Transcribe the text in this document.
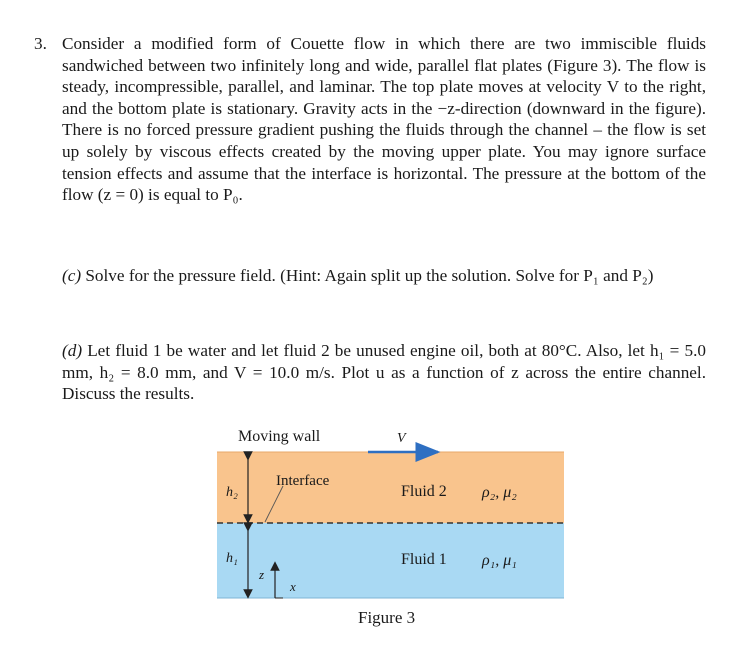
3. Consider a modified form of Couette flow in which there are two immiscible fluids sandwiched between two infinitely long and wide, parallel flat plates (Figure 3). The flow is steady, incompressible, parallel, and laminar. The top plate moves at velocity V to the right, and the bottom plate is stationary. Gravity acts in the −z-direction (downward in the figure). There is no forced pressure gradient pushing the fluids through the channel – the flow is set up solely by viscous effects created by the moving upper plate. You may ignore surface tension effects and assume that the interface is horizontal. The pressure at the bottom of the flow (z = 0) is equal to P₀.
(c) Solve for the pressure field. (Hint: Again split up the solution. Solve for P₁ and P₂)
(d) Let fluid 1 be water and let fluid 2 be unused engine oil, both at 80°C. Also, let h₁ = 5.0 mm, h₂ = 8.0 mm, and V = 10.0 m/s. Plot u as a function of z across the entire channel. Discuss the results.
Moving wall	V
Interface
Fluid 2 ρ₂, μ₂
Fluid 1 ρ₁, μ₁
h₂
h₁
z
x
Figure 3
